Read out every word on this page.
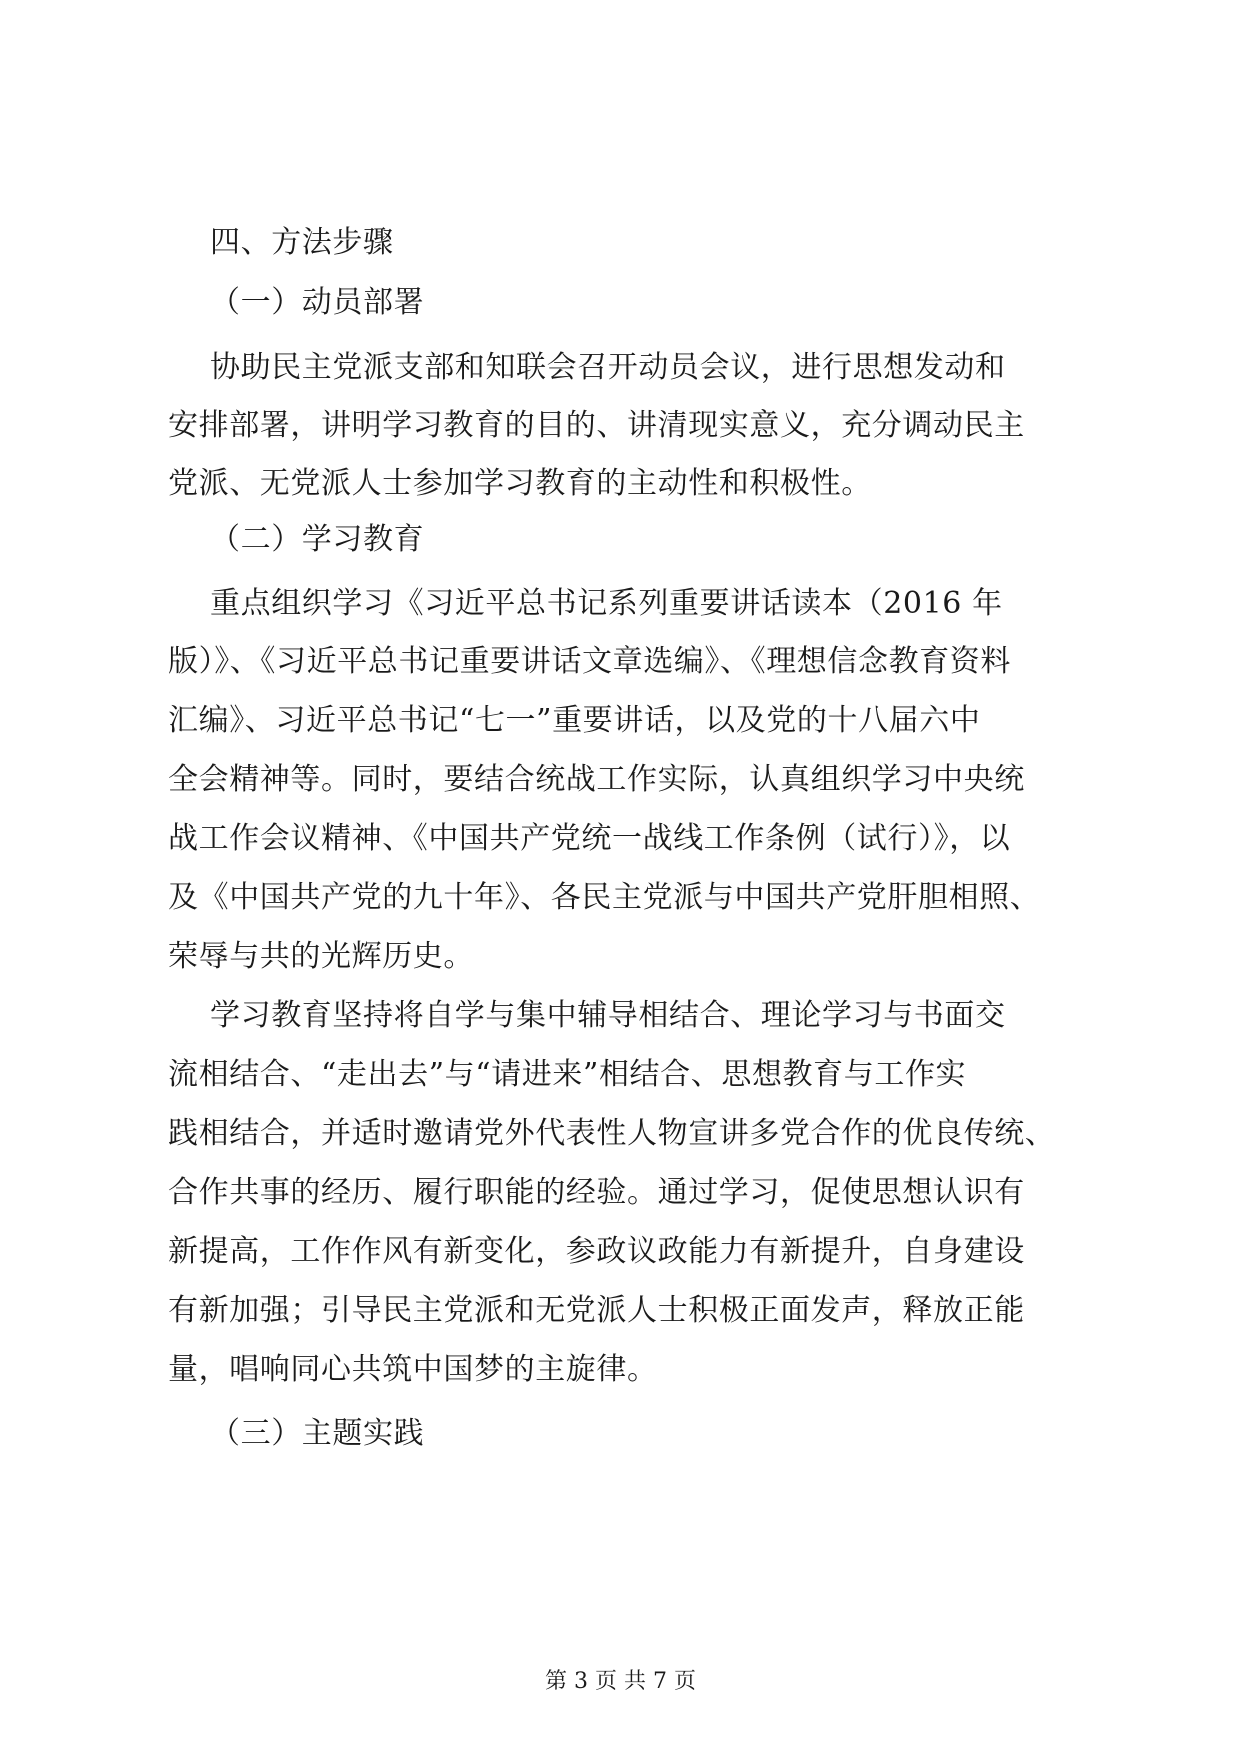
四、方法步骤

（一）动员部署

协助民主党派支部和知联会召开动员会议，进行思想发动和

安排部署，讲明学习教育的目的、讲清现实意义，充分调动民主

党派、无党派人士参加学习教育的主动性和积极性。

（二）学习教育

重点组织学习《习近平总书记系列重要讲话读本（2016 年

版）》、《习近平总书记重要讲话文章选编》、《理想信念教育资料

汇编》、习近平总书记“七一”重要讲话，以及党的十八届六中

全会精神等。同时，要结合统战工作实际，认真组织学习中央统

战工作会议精神、《中国共产党统一战线工作条例（试行）》，以

及《中国共产党的九十年》、各民主党派与中国共产党肝胆相照、

荣辱与共的光辉历史。

学习教育坚持将自学与集中辅导相结合、理论学习与书面交

流相结合、“走出去”与“请进来”相结合、思想教育与工作实

践相结合，并适时邀请党外代表性人物宣讲多党合作的优良传统、

合作共事的经历、履行职能的经验。通过学习，促使思想认识有

新提高，工作作风有新变化，参政议政能力有新提升，自身建设

有新加强；引导民主党派和无党派人士积极正面发声，释放正能

量，唱响同心共筑中国梦的主旋律。

（三）主题实践

第 3 页 共 7 页
